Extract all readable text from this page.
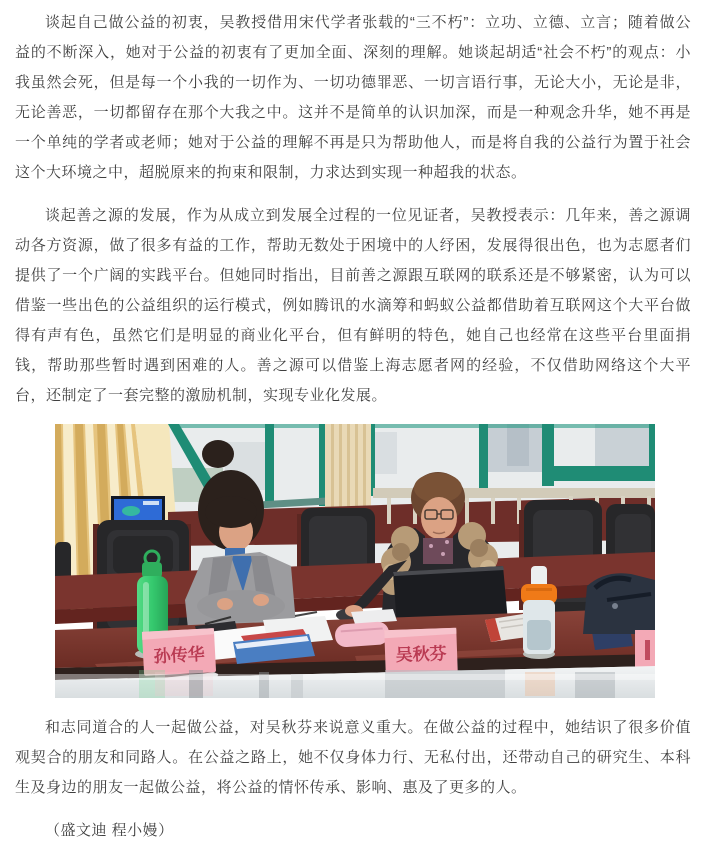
谈起自己做公益的初衷，吴教授借用宋代学者张载的“三不朽”：立功、立德、立言；随着做公益的不断深入，她对于公益的初衷有了更加全面、深刻的理解。她谈起胡适“社会不朽”的观点：小我虽然会死，但是每一个小我的一切作为、一切功德罪恶、一切言语行事，无论大小，无论是非，无论善恶，一切都留存在那个大我之中。这并不是简单的认识加深，而是一种观念升华，她不再是一个单纯的学者或老师；她对于公益的理解不再是只为帮助他人，而是将自我的公益行为置于社会这个大环境之中，超脱原来的拘束和限制，力求达到实现一种超我的状态。

谈起善之源的发展，作为从成立到发展全过程的一位见证者，吴教授表示：几年来，善之源调动各方资源，做了很多有益的工作，帮助无数处于困境中的人纾困，发展得很出色，也为志愿者们提供了一个广阔的实践平台。但她同时指出，目前善之源跟互联网的联系还是不够紧密，认为可以借鉴一些出色的公益组织的运行模式，例如腾讯的水滴筹和蚂蚁公益都借助着互联网这个大平台做得有声有色，虽然它们是明显的商业化平台，但有鲜明的特色，她自己也经常在这些平台里面捐钱，帮助那些暂时遇到困难的人。善之源可以借鉴上海志愿者网的经验，不仅借助网络这个大平台，还制定了一套完整的激励机制，实现专业化发展。

孙传华	吴秋芬

和志同道合的人一起做公益，对吴秋芬来说意义重大。在做公益的过程中，她结识了很多价值观契合的朋友和同路人。在公益之路上，她不仅身体力行、无私付出，还带动自己的研究生、本科生及身边的朋友一起做公益，将公益的情怀传承、影响、惠及了更多的人。

（盛文迪 程小嫚）
